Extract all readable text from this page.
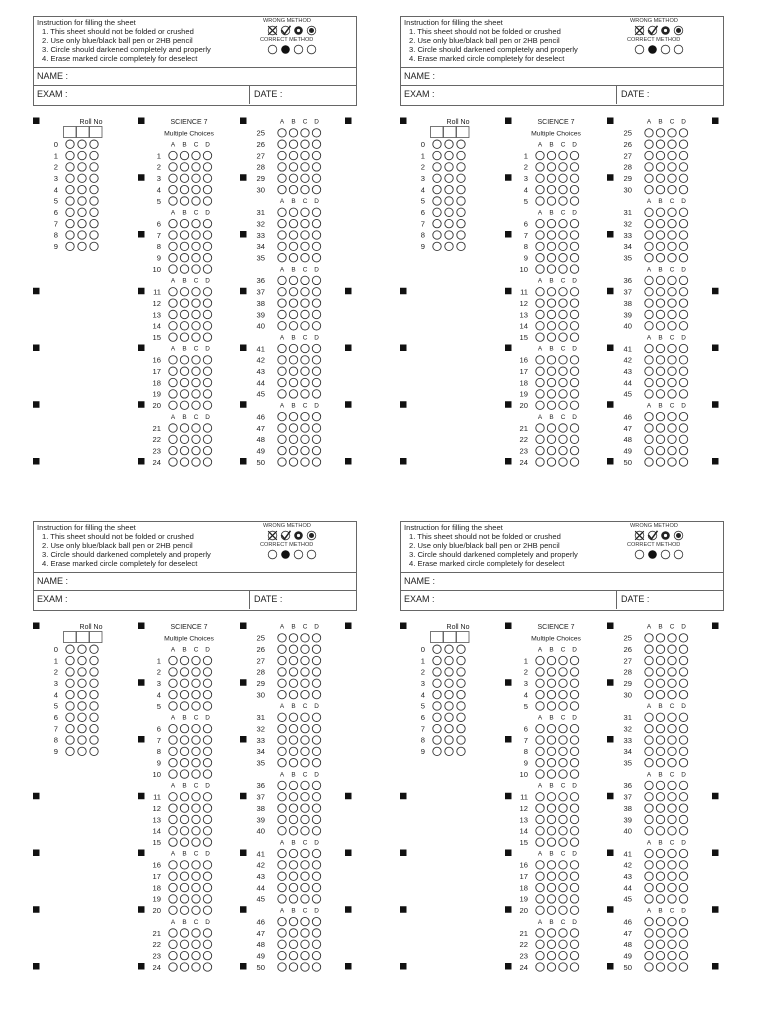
Instruction for filling the sheet
1. This sheet should not be folded or crushed
2. Use only blue/black ball pen or 2HB pencil
3. Circle should darkened completely and properly
4. Erase marked circle completely for deselect
WRONG METHOD
CORRECT METHOD
NAME :
EXAM :	DATE :
Roll No
0
1
2
3
4
5
6
7
8
9
SCIENCE 7
Multiple Choices
A B C D
1
2
3
4
5
A B C D
6
7
8
9
10
A B C D
11
12
13
14
15
A B C D
16
17
18
19
20
A B C D
21
22
23
24
A B C D
25
26
27
28
29
30
A B C D
31
32
33
34
35
A B C D
36
37
38
39
40
A B C D
41
42
43
44
45
A B C D
46
47
48
49
50
Instruction for filling the sheet
1. This sheet should not be folded or crushed
2. Use only blue/black ball pen or 2HB pencil
3. Circle should darkened completely and properly
4. Erase marked circle completely for deselect
WRONG METHOD
CORRECT METHOD
NAME :
EXAM :	DATE :
Roll No
0
1
2
3
4
5
6
7
8
9
SCIENCE 7
Multiple Choices
A B C D
1
2
3
4
5
A B C D
6
7
8
9
10
A B C D
11
12
13
14
15
A B C D
16
17
18
19
20
A B C D
21
22
23
24
A B C D
25
26
27
28
29
30
A B C D
31
32
33
34
35
A B C D
36
37
38
39
40
A B C D
41
42
43
44
45
A B C D
46
47
48
49
50
Instruction for filling the sheet
1. This sheet should not be folded or crushed
2. Use only blue/black ball pen or 2HB pencil
3. Circle should darkened completely and properly
4. Erase marked circle completely for deselect
WRONG METHOD
CORRECT METHOD
NAME :
EXAM :	DATE :
Roll No
0
1
2
3
4
5
6
7
8
9
SCIENCE 7
Multiple Choices
A B C D
1
2
3
4
5
A B C D
6
7
8
9
10
A B C D
11
12
13
14
15
A B C D
16
17
18
19
20
A B C D
21
22
23
24
A B C D
25
26
27
28
29
30
A B C D
31
32
33
34
35
A B C D
36
37
38
39
40
A B C D
41
42
43
44
45
A B C D
46
47
48
49
50
Instruction for filling the sheet
1. This sheet should not be folded or crushed
2. Use only blue/black ball pen or 2HB pencil
3. Circle should darkened completely and properly
4. Erase marked circle completely for deselect
WRONG METHOD
CORRECT METHOD
NAME :
EXAM :	DATE :
Roll No
0
1
2
3
4
5
6
7
8
9
SCIENCE 7
Multiple Choices
A B C D
1
2
3
4
5
A B C D
6
7
8
9
10
A B C D
11
12
13
14
15
A B C D
16
17
18
19
20
A B C D
21
22
23
24
A B C D
25
26
27
28
29
30
A B C D
31
32
33
34
35
A B C D
36
37
38
39
40
A B C D
41
42
43
44
45
A B C D
46
47
48
49
50
